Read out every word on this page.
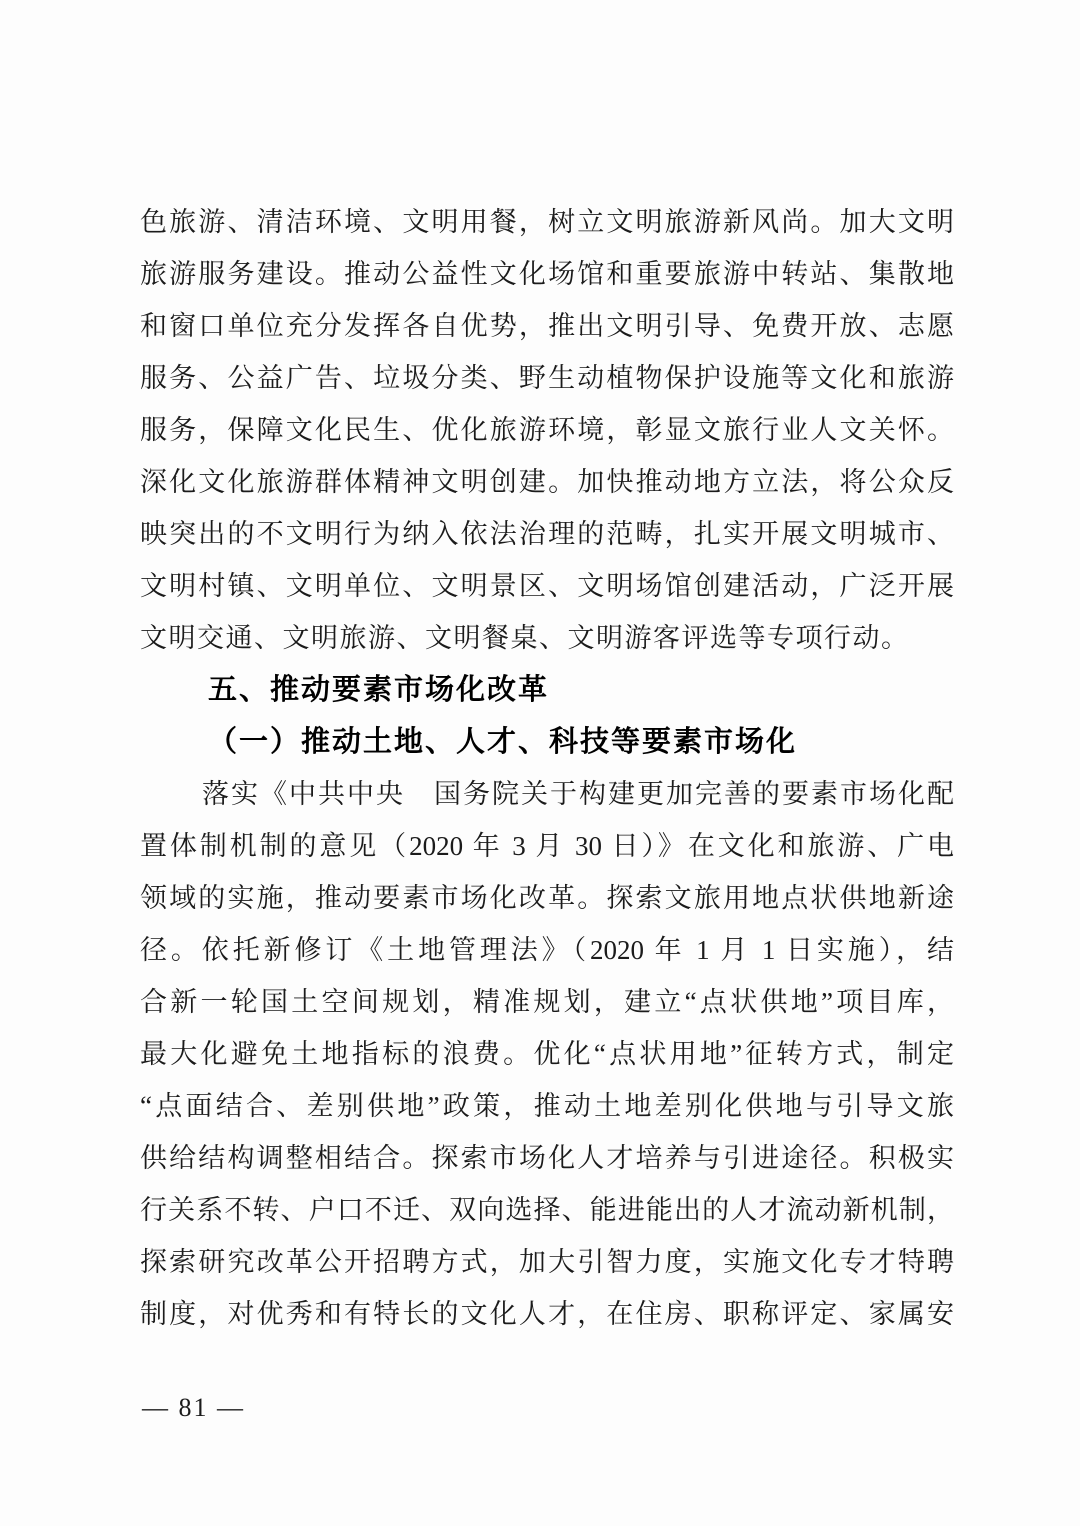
色旅游、清洁环境、文明用餐，树立文明旅游新风尚。加大文明
旅游服务建设。推动公益性文化场馆和重要旅游中转站、集散地
和窗口单位充分发挥各自优势，推出文明引导、免费开放、志愿
服务、公益广告、垃圾分类、野生动植物保护设施等文化和旅游
服务，保障文化民生、优化旅游环境，彰显文旅行业人文关怀。
深化文化旅游群体精神文明创建。加快推动地方立法，将公众反
映突出的不文明行为纳入依法治理的范畴，扎实开展文明城市、
文明村镇、文明单位、文明景区、文明场馆创建活动，广泛开展
文明交通、文明旅游、文明餐桌、文明游客评选等专项行动。
五、推动要素市场化改革
（一）推动土地、人才、科技等要素市场化
落实《中共中央　国务院关于构建更加完善的要素市场化配
置体制机制的意见（2020 年 3 月 30 日）》在文化和旅游、广电
领域的实施，推动要素市场化改革。探索文旅用地点状供地新途
径。依托新修订《土地管理法》（2020 年 1 月 1 日实施），结
合新一轮国土空间规划，精准规划，建立“点状供地”项目库，
最大化避免土地指标的浪费。优化“点状用地”征转方式，制定
“点面结合、差别供地”政策，推动土地差别化供地与引导文旅
供给结构调整相结合。探索市场化人才培养与引进途径。积极实
行关系不转、户口不迁、双向选择、能进能出的人才流动新机制，
探索研究改革公开招聘方式，加大引智力度，实施文化专才特聘
制度，对优秀和有特长的文化人才，在住房、职称评定、家属安
— 81 —
